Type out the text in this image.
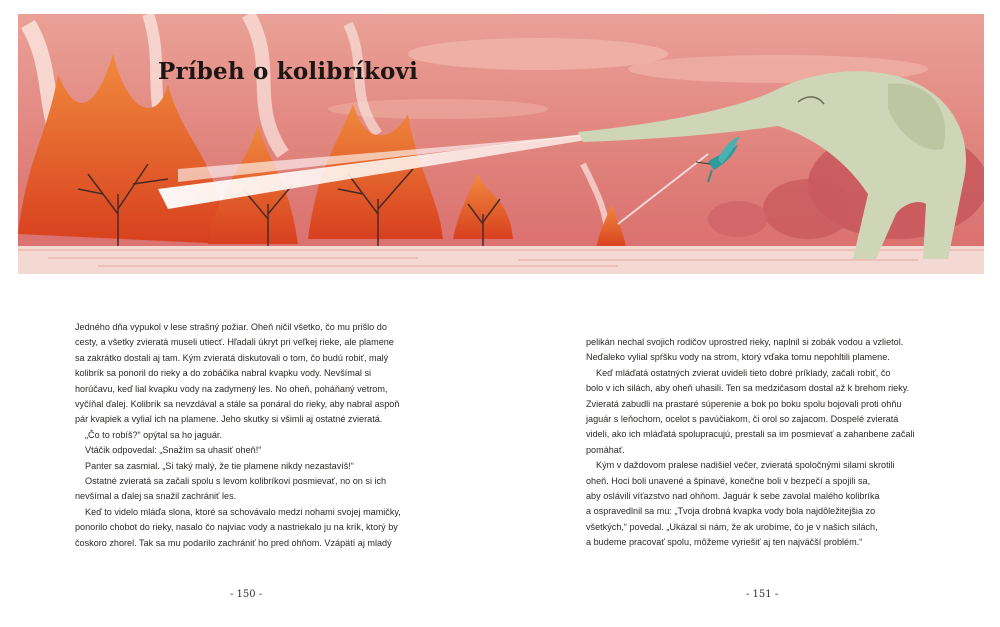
Príbeh o kolibríkovi

Jedného dňa vypukol v lese strašný požiar. Oheň ničil všetko, čo mu prišlo do

cesty, a všetky zvieratá museli utiecť. Hľadali úkryt pri veľkej rieke, ale plamene

sa zakrátko dostali aj tam. Kým zvieratá diskutovali o tom, čo budú robiť, malý

kolibrík sa ponoril do rieky a do zobáčika nabral kvapku vody. Nevšímal si

horúčavu, keď lial kvapku vody na zadymený les. No oheň, poháňaný vetrom,

vyčíňal ďalej. Kolibrík sa nevzdával a stále sa ponáral do rieky, aby nabral aspoň

pár kvapiek a vylial ich na plamene. Jeho skutky si všimli aj ostatné zvieratá.

„Čo to robíš?“ opýtal sa ho jaguár.

Vtáčik odpovedal: „Snažím sa uhasiť oheň!“

Panter sa zasmial. „Si taký malý, že tie plamene nikdy nezastavíš!“

Ostatné zvieratá sa začali spolu s levom kolibríkovi posmievať, no on si ich

nevšímal a ďalej sa snažil zachrániť les.

Keď to videlo mláďa slona, ktoré sa schovávalo medzi nohami svojej mamičky,

ponorilo chobot do rieky, nasalo čo najviac vody a nastriekalo ju na krík, ktorý by

čoskoro zhorel. Tak sa mu podarilo zachrániť ho pred ohňom. Vzápätí aj mladý

pelikán nechal svojich rodičov uprostred rieky, naplnil si zobák vodou a vzlietol.

Neďaleko vylial spŕšku vody na strom, ktorý vďaka tomu nepohltili plamene.

Keď mláďatá ostatných zvierat uvideli tieto dobré príklady, začali robiť, čo

bolo v ich silách, aby oheň uhasili. Ten sa medzičasom dostal až k brehom rieky.

Zvieratá zabudli na prastaré súperenie a bok po boku spolu bojovali proti ohňu

jaguár s leňochom, ocelot s pavúčiakom, či orol so zajacom. Dospelé zvieratá

videli, ako ich mláďatá spolupracujú, prestali sa im posmievať a zahanbene začali

pomáhať.

Kým v daždovom pralese nadišiel večer, zvieratá spoločnými silami skrotili

oheň. Hoci boli unavené a špinavé, konečne boli v bezpečí a spojili sa,

aby oslávili víťazstvo nad ohňom. Jaguár k sebe zavolal malého kolibríka

a ospravedlnil sa mu: „Tvoja drobná kvapka vody bola najdôležitejšia zo

všetkých,“ povedal. „Ukázal si nám, že ak urobíme, čo je v našich silách,

a budeme pracovať spolu, môžeme vyriešiť aj ten najväčší problém.“

- 150 -	- 151 -
